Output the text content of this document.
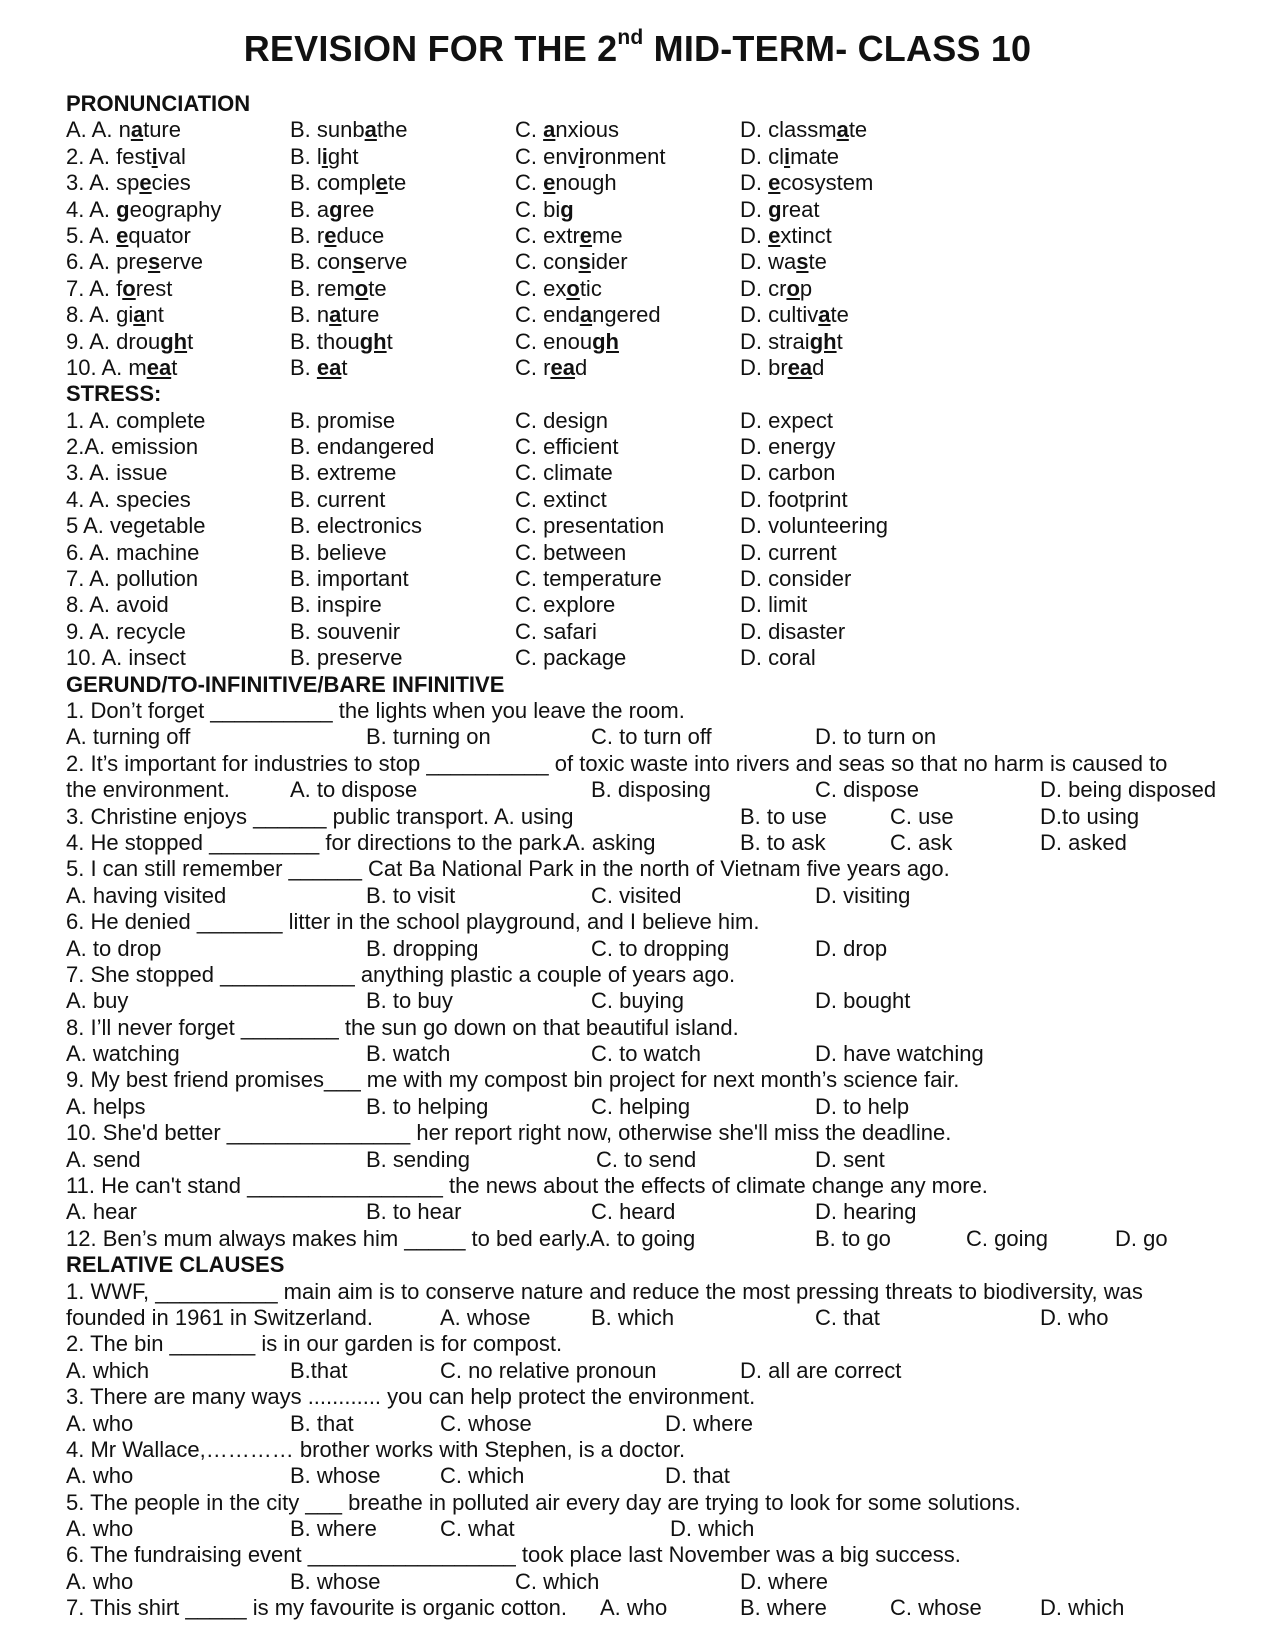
REVISION FOR THE 2nd MID-TERM- CLASS 10
PRONUNCIATION
A. A. nature	B. sunbathe	C. anxious	D. classmate
2. A. festival	B. light	C. environment	D. climate
3. A. species	B. complete	C. enough	D. ecosystem
4. A. geography	B. agree	C. big	D. great
5. A. equator	B. reduce	C. extreme	D. extinct
6. A. preserve	B. conserve	C. consider	D. waste
7. A. forest	B. remote	C. exotic	D. crop
8. A. giant	B. nature	C. endangered	D. cultivate
9. A. drought	B. thought	C. enough	D. straight
10. A. meat	B. eat	C. read	D. bread
STRESS:
1. A. complete	B. promise	C. design	D. expect
2.A. emission	B. endangered	C. efficient	D. energy
3. A. issue	B. extreme	C. climate	D. carbon
4. A. species	B. current	C. extinct	D. footprint
5 A. vegetable	B. electronics	C. presentation	D. volunteering
6. A. machine	B. believe	C. between	D. current
7. A. pollution	B. important	C. temperature	D. consider
8. A. avoid	B. inspire	C. explore	D. limit
9. A. recycle	B. souvenir	C. safari	D. disaster
10. A. insect	B. preserve	C. package	D. coral
GERUND/TO-INFINITIVE/BARE INFINITIVE
1. Don’t forget __________ the lights when you leave the room.
A. turning off	B. turning on	C. to turn off	D. to turn on
2. It’s important for industries to stop __________ of toxic waste into rivers and seas so that no harm is caused to
the environment.	A. to dispose	B. disposing	C. dispose	D. being disposed
3. Christine enjoys ______ public transport. A. using	B. to use	C. use	D.to using
4. He stopped _________ for directions to the park.
A. asking	B. to ask	C. ask	D. asked
5. I can still remember ______ Cat Ba National Park in the north of Vietnam five years ago.
A. having visited	B. to visit	C. visited	D. visiting
6. He denied _______ litter in the school playground, and I believe him.
A. to drop	B. dropping	C. to dropping	D. drop
7. She stopped ___________ anything plastic a couple of years ago.
A. buy	B. to buy	C. buying	D. bought
8. I’ll never forget ________ the sun go down on that beautiful island.
A. watching	B. watch	C. to watch	D. have watching
9. My best friend promises___ me with my compost bin project for next month’s science fair.
A. helps	B. to helping	C. helping	D. to help
10. She'd better _______________ her report right now, otherwise she'll miss the deadline.
A. send	B. sending	C. to send	D. sent
11. He can't stand ________________ the news about the effects of climate change any more.
A. hear	B. to hear	C. heard	D. hearing
12. Ben’s mum always makes him _____ to bed early.
A. to going	B. to go	C. going	D. go
RELATIVE CLAUSES
1. WWF, __________ main aim is to conserve nature and reduce the most pressing threats to biodiversity, was
founded in 1961 in Switzerland.	A. whose	B. which	C. that	D. who
2. The bin _______ is in our garden is for compost.
A. which	B.that	C. no relative pronoun	D. all are correct
3. There are many ways ............ you can help protect the environment.
A. who	B. that	C. whose	D. where
4. Mr Wallace,………… brother works with Stephen, is a doctor.
A. who	B. whose	C. which	D. that
5. The people in the city ___ breathe in polluted air every day are trying to look for some solutions.
A. who	B. where	C. what	D. which
6. The fundraising event _________________ took place last November was a big success.
A. who	B. whose	C. which	D. where
7. This shirt _____ is my favourite is organic cotton. A. who	B. where	C. whose	D. which
